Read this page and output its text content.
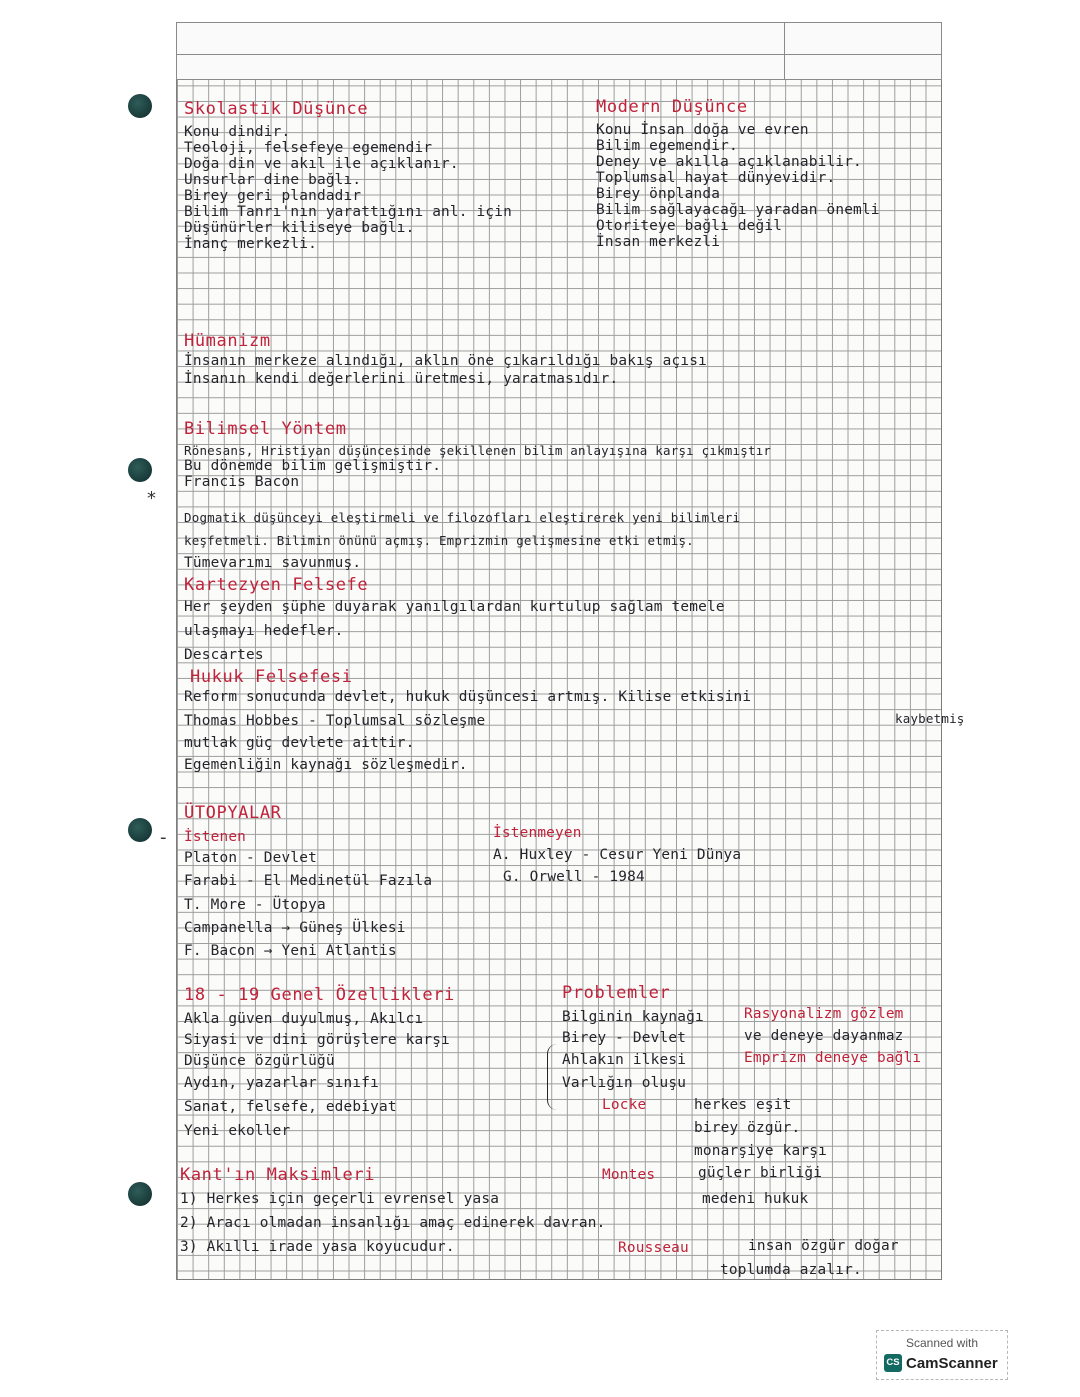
*
-
Skolastik Düşünce
Konu dindir.
Teoloji, felsefeye egemendir
Doğa din ve akıl ile açıklanır.
Unsurlar dine bağlı.
Birey geri plandadır
Bilim Tanrı'nın yarattığını anl. için
Düşünürler kiliseye bağlı.
İnanç merkezli.
Modern Düşünce
Konu İnsan doğa ve evren
Bilim egemendir.
Deney ve akılla açıklanabilir.
Toplumsal hayat dünyevidir.
Birey önplanda
Bilim sağlayacağı yaradan önemli
Otoriteye bağlı değil
İnsan merkezli
Hümanizm
İnsanın merkeze alındığı, aklın öne çıkarıldığı bakış açısı
İnsanın kendi değerlerini üretmesi, yaratmasıdır.
Bilimsel Yöntem
Rönesans, Hristiyan düşüncesinde şekillenen bilim anlayışına karşı çıkmıştır
Bu dönemde bilim gelişmiştir.
Francis Bacon
Dogmatik düşünceyi eleştirmeli ve filozofları eleştirerek yeni bilimleri
keşfetmeli. Bilimin önünü açmış. Emprizmin gelişmesine etki etmiş.
Tümevarımı savunmuş.
Kartezyen Felsefe
Her şeyden şüphe duyarak yanılgılardan kurtulup sağlam temele
ulaşmayı hedefler.
Descartes
Hukuk Felsefesi
Reform sonucunda devlet, hukuk düşüncesi artmış. Kilise etkisini
kaybetmiş
Thomas Hobbes - Toplumsal sözleşme
mutlak güç devlete aittir.
Egemenliğin kaynağı sözleşmedir.
ÜTOPYALAR
İstenen
Platon - Devlet
Farabi - El Medinetül Fazıla
T. More - Ütopya
Campanella → Güneş Ülkesi
F. Bacon → Yeni Atlantis
İstenmeyen
A. Huxley - Cesur Yeni Dünya
G. Orwell - 1984
18 - 19 Genel Özellikleri
Akla güven duyulmuş, Akılcı
Siyasi ve dini görüşlere karşı
Düşünce özgürlüğü
Aydın, yazarlar sınıfı
Sanat, felsefe, edebiyat
Yeni ekoller
Problemler
Bilginin kaynağı
Birey - Devlet
Ahlakın ilkesi
Varlığın oluşu
Rasyonalizm gözlem
ve deneye dayanmaz
Emprizm deneye bağlı
Locke	herkes eşit
birey özgür.
monarşiye karşı
Montes	güçler birliği
medeni hukuk
Rousseau	insan özgür doğar
toplumda azalır.
Kant'ın Maksimleri
1) Herkes için geçerli evrensel yasa
2) Aracı olmadan insanlığı amaç edinerek davran.
3) Akıllı irade yasa koyucudur.
Scanned with
CS CamScanner
